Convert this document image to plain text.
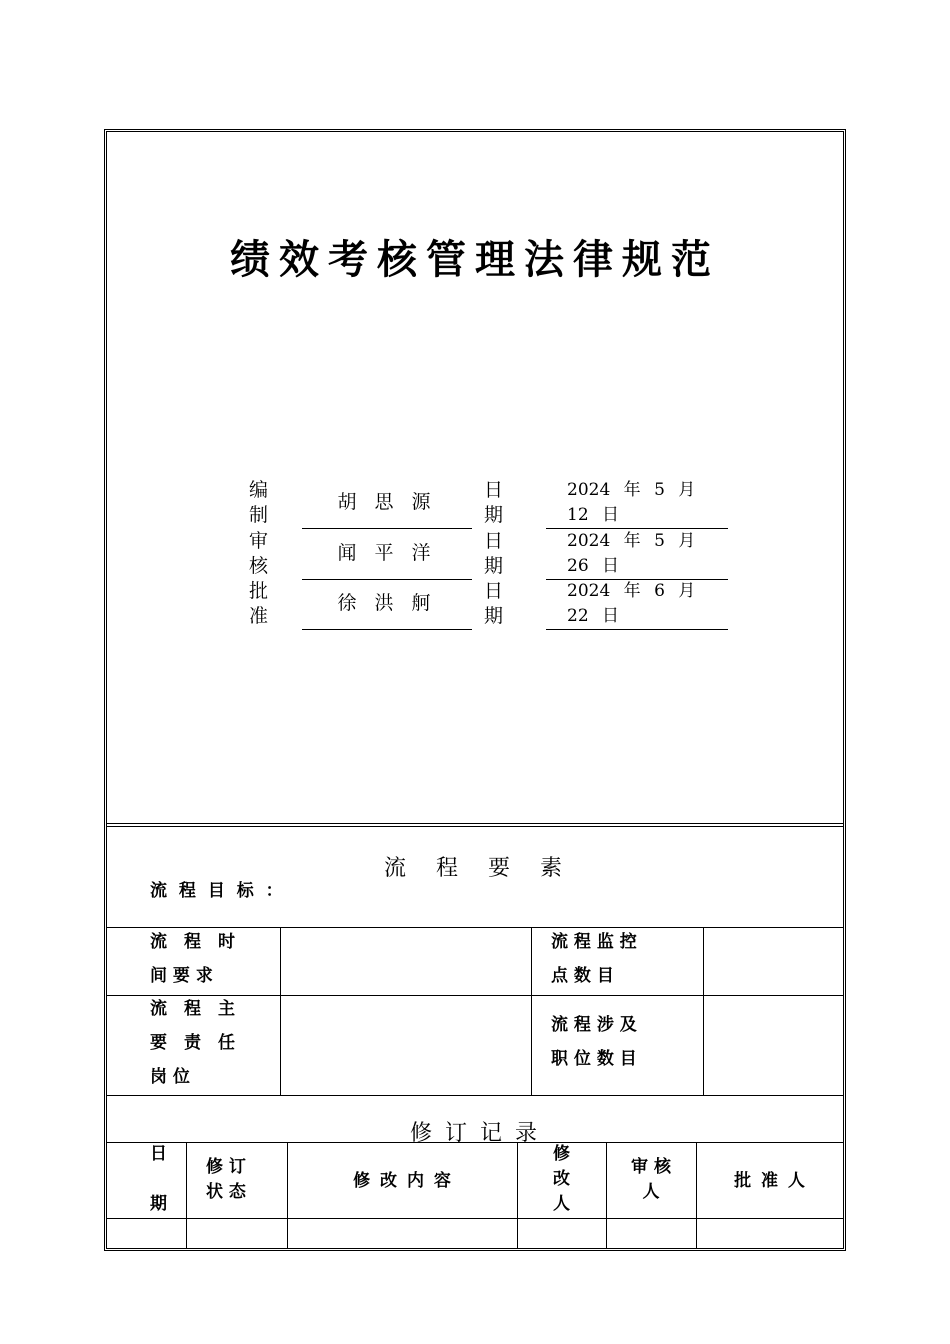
绩效考核管理法律规范
编制
胡 思 源
日期
2024 年 5 月
12 日
审核
闻 平 洋
日期
2024 年 5 月
26 日
批准
徐 洪 舸
日期
2024 年 6 月
22 日
流　程　要　素
流 程 目 标 ：
流　程　时
间 要 求
流 程 监 控
点 数 目
流　程　主
要　责　任
岗 位
流 程 涉 及
职 位 数 目
修 订 记 录
日

期
修 订
状 态
修 改 内 容
修
改
人
审 核
人
批 准 人
